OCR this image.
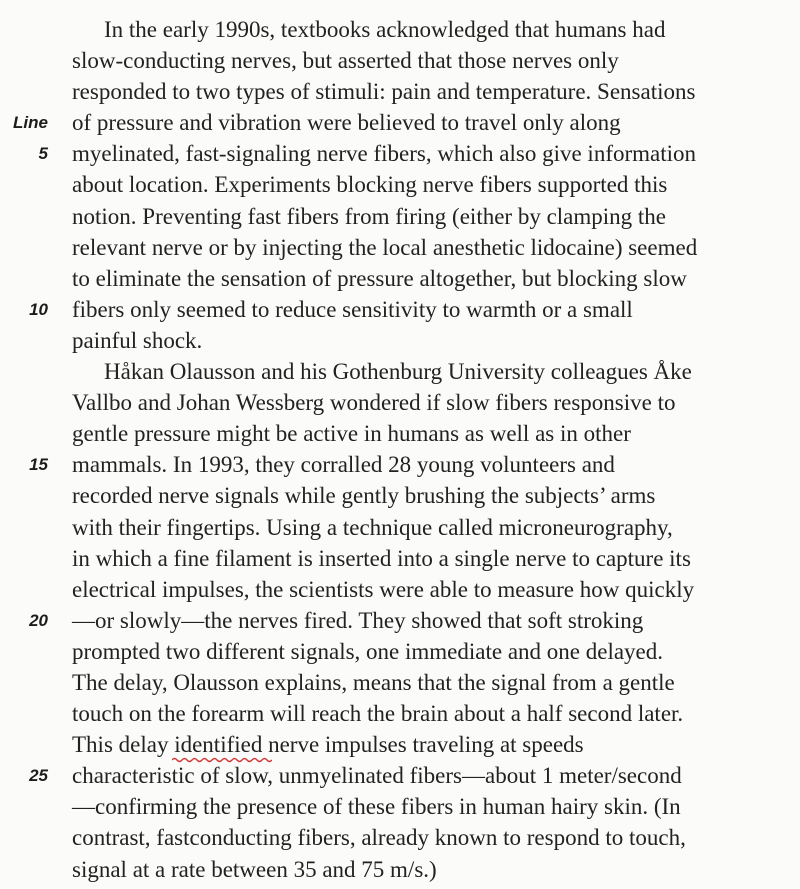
In the early 1990s, textbooks acknowledged that humans had
slow-conducting nerves, but asserted that those nerves only
responded to two types of stimuli: pain and temperature. Sensations
Line of pressure and vibration were believed to travel only along
5 myelinated, fast-signaling nerve fibers, which also give information
about location. Experiments blocking nerve fibers supported this
notion. Preventing fast fibers from firing (either by clamping the
relevant nerve or by injecting the local anesthetic lidocaine) seemed
to eliminate the sensation of pressure altogether, but blocking slow
10 fibers only seemed to reduce sensitivity to warmth or a small
painful shock.
Håkan Olausson and his Gothenburg University colleagues Åke
Vallbo and Johan Wessberg wondered if slow fibers responsive to
gentle pressure might be active in humans as well as in other
15 mammals. In 1993, they corralled 28 young volunteers and
recorded nerve signals while gently brushing the subjects’ arms
with their fingertips. Using a technique called microneurography,
in which a fine filament is inserted into a single nerve to capture its
electrical impulses, the scientists were able to measure how quickly
20 —or slowly—the nerves fired. They showed that soft stroking
prompted two different signals, one immediate and one delayed.
The delay, Olausson explains, means that the signal from a gentle
touch on the forearm will reach the brain about a half second later.
This delay identified
nerve impulses traveling at speeds
25 characteristic of slow, unmyelinated fibers—about 1 meter/second
—confirming the presence of these fibers in human hairy skin. (In
contrast, fastconducting fibers, already known to respond to touch,
signal at a rate between 35 and 75 m/s.)
